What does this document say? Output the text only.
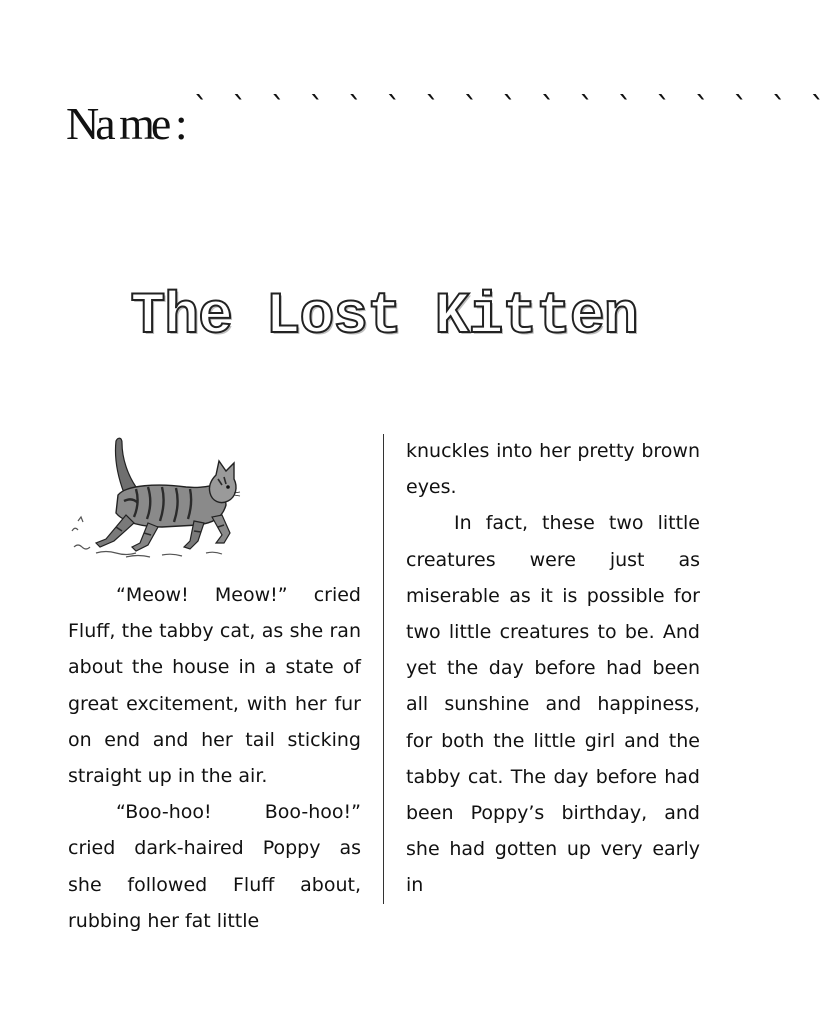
Na me : ` ` ` ` ` ` ` ` ` ` ` ` ` ` ` ` `
The Lost Kitten

“Meow! Meow!” cried Fluff, the tabby cat, as she ran about the house in a state of great excitement, with her fur on end and her tail sticking straight up in the air.

“Boo-hoo! Boo-hoo!” cried dark-haired Poppy as she followed Fluff about, rubbing her fat little

knuckles into her pretty brown eyes.

In fact, these two little creatures were just as miserable as it is possible for two little creatures to be. And yet the day before had been all sunshine and happiness, for both the little girl and the tabby cat. The day before had been Poppy’s birthday, and she had gotten up very early in
